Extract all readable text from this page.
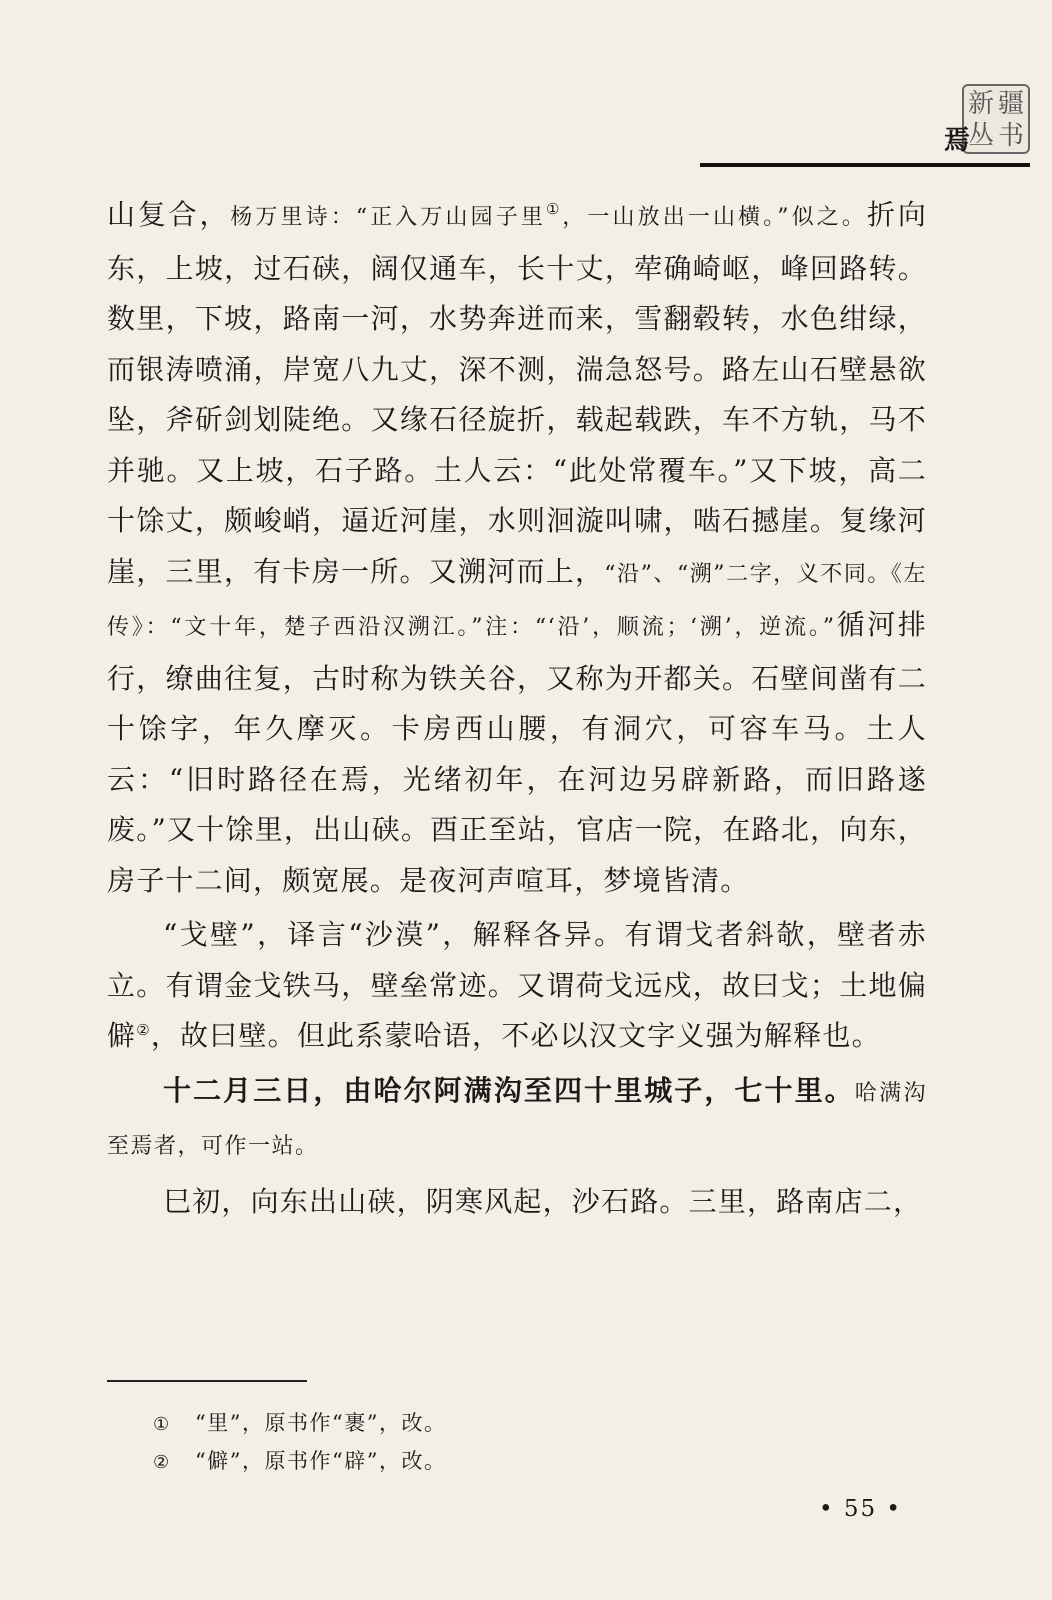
新 疆
丛 书
焉

山复合，杨万里诗：“正入万山园子里①，一山放出一山横。”似之。折向东，上坡，过石硖，阔仅通车，长十丈，荦确崎岖，峰回路转。数里，下坡，路南一河，水势奔迸而来，雪翻毂转，水色绀绿，而银涛喷涌，岸宽八九丈，深不测，湍急怒号。路左山石壁悬欲坠，斧斫剑划陡绝。又缘石径旋折，载起载跌，车不方轨，马不并驰。又上坡，石子路。土人云：“此处常覆车。”又下坡，高二十馀丈，颇峻峭，逼近河崖，水则洄漩叫啸，啮石撼崖。复缘河崖，三里，有卡房一所。又溯河而上，“沿”、“溯”二字，义不同。《左传》：“文十年，楚子西沿汉溯江。”注：“‘沿’，顺流；‘溯’，逆流。”循河排行，缭曲往复，古时称为铁关谷，又称为开都关。石壁间凿有二十馀字，年久摩灭。卡房西山腰，有洞穴，可容车马。土人云：“旧时路径在焉，光绪初年，在河边另辟新路，而旧路遂废。”又十馀里，出山硖。酉正至站，官店一院，在路北，向东，房子十二间，颇宽展。是夜河声喧耳，梦境皆清。

“戈壁”，译言“沙漠”，解释各异。有谓戈者斜欹，壁者赤立。有谓金戈铁马，壁垒常迹。又谓荷戈远戍，故曰戈；土地偏僻②，故曰壁。但此系蒙哈语，不必以汉文字义强为解释也。

十二月三日，由哈尔阿满沟至四十里城子，七十里。哈满沟至焉者，可作一站。

巳初，向东出山硖，阴寒风起，沙石路。三里，路南店二，

① “里”，原书作“裹”，改。
② “僻”，原书作“辟”，改。
• 55 •
